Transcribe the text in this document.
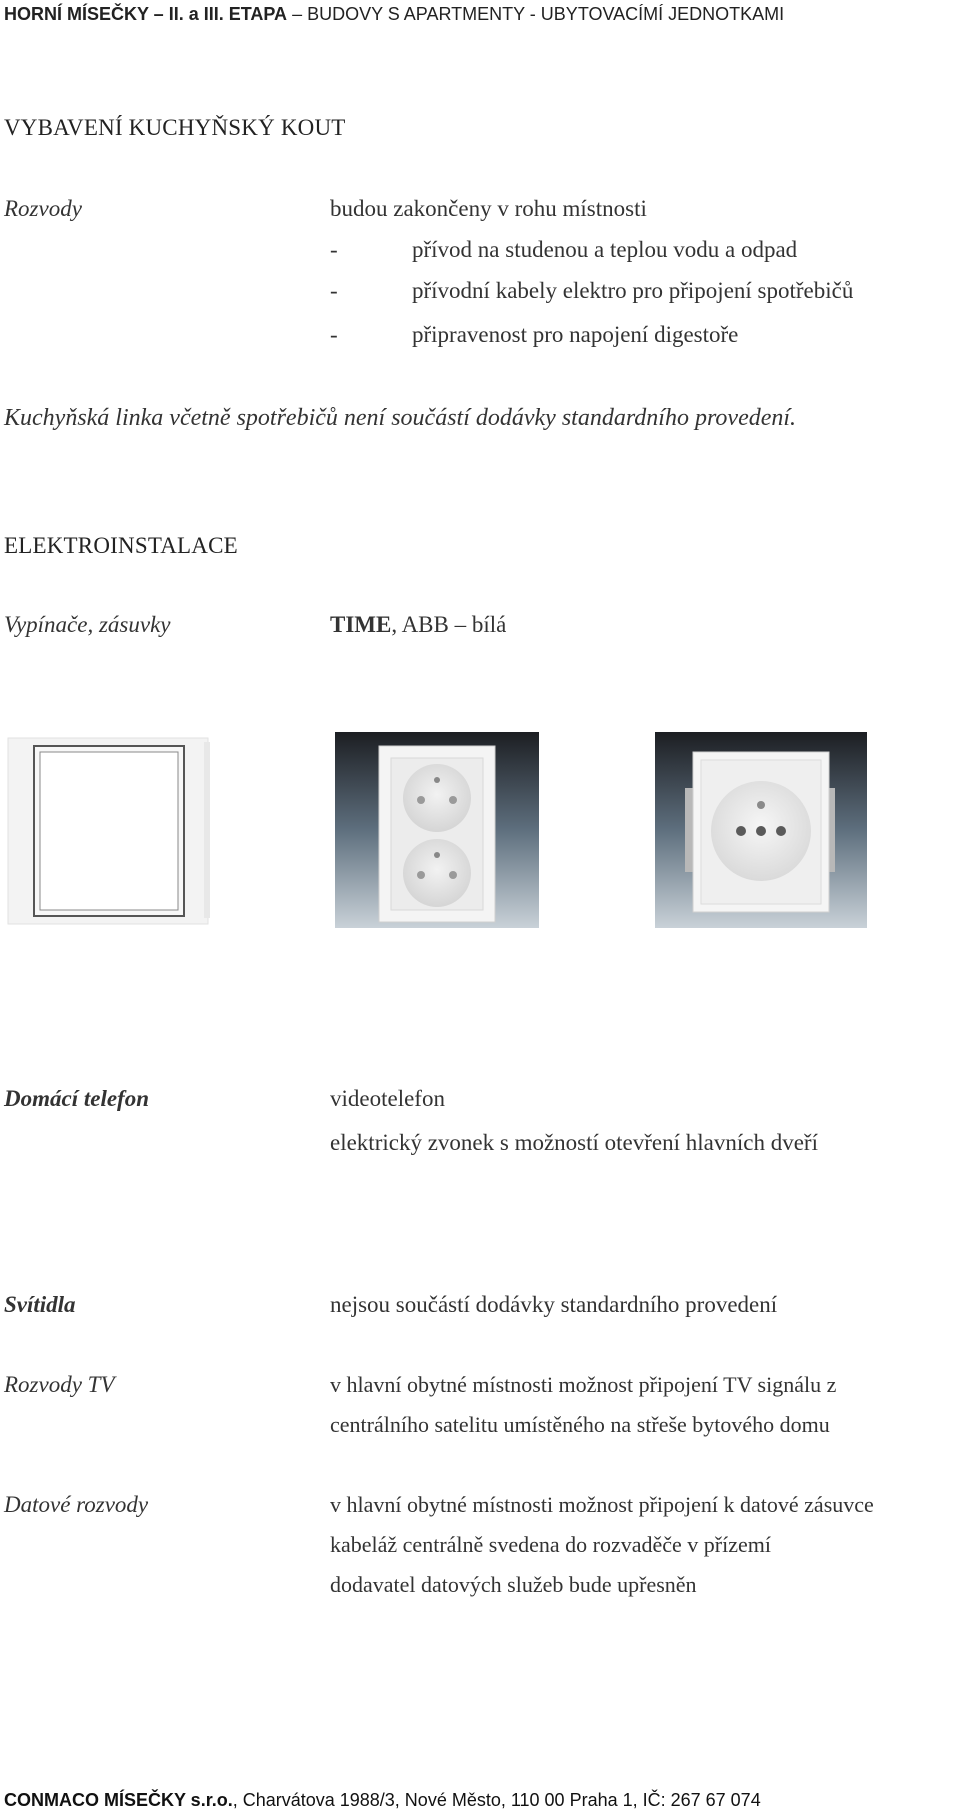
HORNÍ MÍSEČKY – II. a III. ETAPA – BUDOVY S APARTMENTY - UBYTOVACÍMÍ JEDNOTKAMI
VYBAVENÍ KUCHYŇSKÝ KOUT
Rozvody	budou zakončeny v rohu místnosti
-	přívod na studenou a teplou vodu a odpad
-	přívodní kabely elektro pro připojení spotřebičů
-	připravenost pro napojení digestoře
Kuchyňská linka včetně spotřebičů není součástí dodávky standardního provedení.
ELEKTROINSTALACE
Vypínače, zásuvky	TIME, ABB – bílá
Domácí telefon	videotelefon
elektrický zvonek s možností otevření hlavních dveří
Svítidla	nejsou součástí dodávky standardního provedení
Rozvody TV	v hlavní obytné místnosti možnost připojení TV signálu z
centrálního satelitu umístěného na střeše bytového domu
Datové rozvody	v hlavní obytné místnosti možnost připojení k datové zásuvce
kabeláž centrálně svedena do rozvaděče v přízemí
dodavatel datových služeb bude upřesněn
CONMACO MÍSEČKY s.r.o., Charvátova 1988/3, Nové Město, 110 00 Praha 1, IČ: 267 67 074
